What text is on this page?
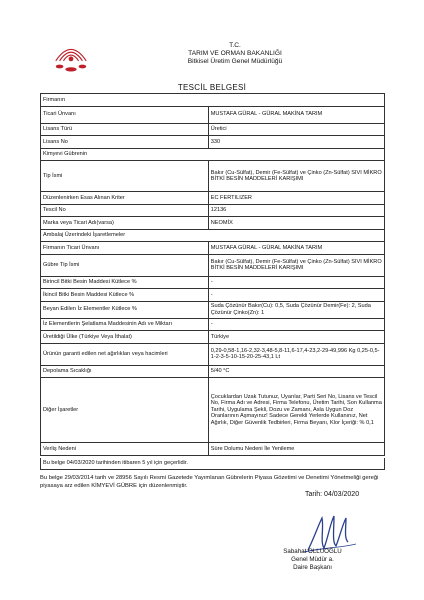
T.C.
TARIM VE ORMAN BAKANLIĞI
Bitkisel Üretim Genel Müdürlüğü
TESCİL BELGESİ
Firmanın	
Ticari Ünvanı	MUSTAFA GÜRAL - GÜRAL MAKİNA TARIM
Lisans Türü	Üretici
Lisans No	330
Kimyevi Gübrenin	
Tip İsmi	Bakır (Cu-Sülfat), Demir (Fe-Sülfat) ve Çinko (Zn-Sülfat) SIVI MİKRO BİTKİ BESİN MADDELERİ KARIŞIMI
Düzenlenirken Esas Alınan Kriter	EC FERTILIZER
Tescil No	12136
Marka veya Ticari Adı(varsa)	NEOMİX
Ambalaj Üzerindeki İşaretlemeler	
Firmanın Ticari Ünvanı	MUSTAFA GÜRAL - GÜRAL MAKİNA TARIM
Gübre Tip İsmi	Bakır (Cu-Sülfat), Demir (Fe-Sülfat) ve Çinko (Zn-Sülfat) SIVI MİKRO BİTKİ BESİN MADDELERİ KARIŞIMI
Birincil Bitki Besin Maddesi Kütlece %	-
İkincil Bitki Besin Maddesi Kütlece %	-
Beyan Edilen İz Elementler Kütlece %	Suda Çözünür Bakır(Cu): 0,5, Suda Çözünür Demir(Fe): 2, Suda Çözünür Çinko(Zn): 1
İz Elementlerin Şelatlama Maddesinin Adı ve Miktarı	-
Üretildiği Ülke (Türkiye Veya İthalat)	Türkiye
Ürünün garanti edilen net ağırlıkları veya hacimleri	0,29-0,58-1,16-2,32-3,48-5,8-11,6-17,4-23,2-29-49,996 Kg 0,25-0,5-1-2-3-5-10-15-20-25-43,1 Lt
Depolama Sıcaklığı	5/40 °C
Diğer İşaretler	Çocuklardan Uzak Tutunuz, Uyarılar, Parti Seri No, Lisans ve Tescil No, Firma Adı ve Adresi, Firma Telefonu, Üretim Tarihi, Son Kullanma Tarihi, Uygulama Şekli, Dozu ve Zamanı, Asla Uygun Doz Oranlarının Aşmayınız! Sadece Gerekli Yerlerde Kullanınız, Net Ağırlık, Diğer Güvenlik Tedbirleri, Firma Beyanı, Klor İçeriği: % 0,1
Verliş Nedeni	Süre Dolumu Nedeni İle Yenileme
Bu belge 04/03/2020 tarihinden itibaren 5 yıl için geçerlidir.
Bu belge 29/03/2014 tarih ve 28956 Sayılı Resmi Gazetede Yayımlanan Gübrelerin Piyasa Gözetimi ve Denetimi Yönetmeliği gereği piyasaya arz edilen KİMYEVİ GÜBRE için düzenlenmiştir.
Tarih: 04/03/2020
Sabahat OLLUOĞLU
Genel Müdür a.
Daire Başkanı
